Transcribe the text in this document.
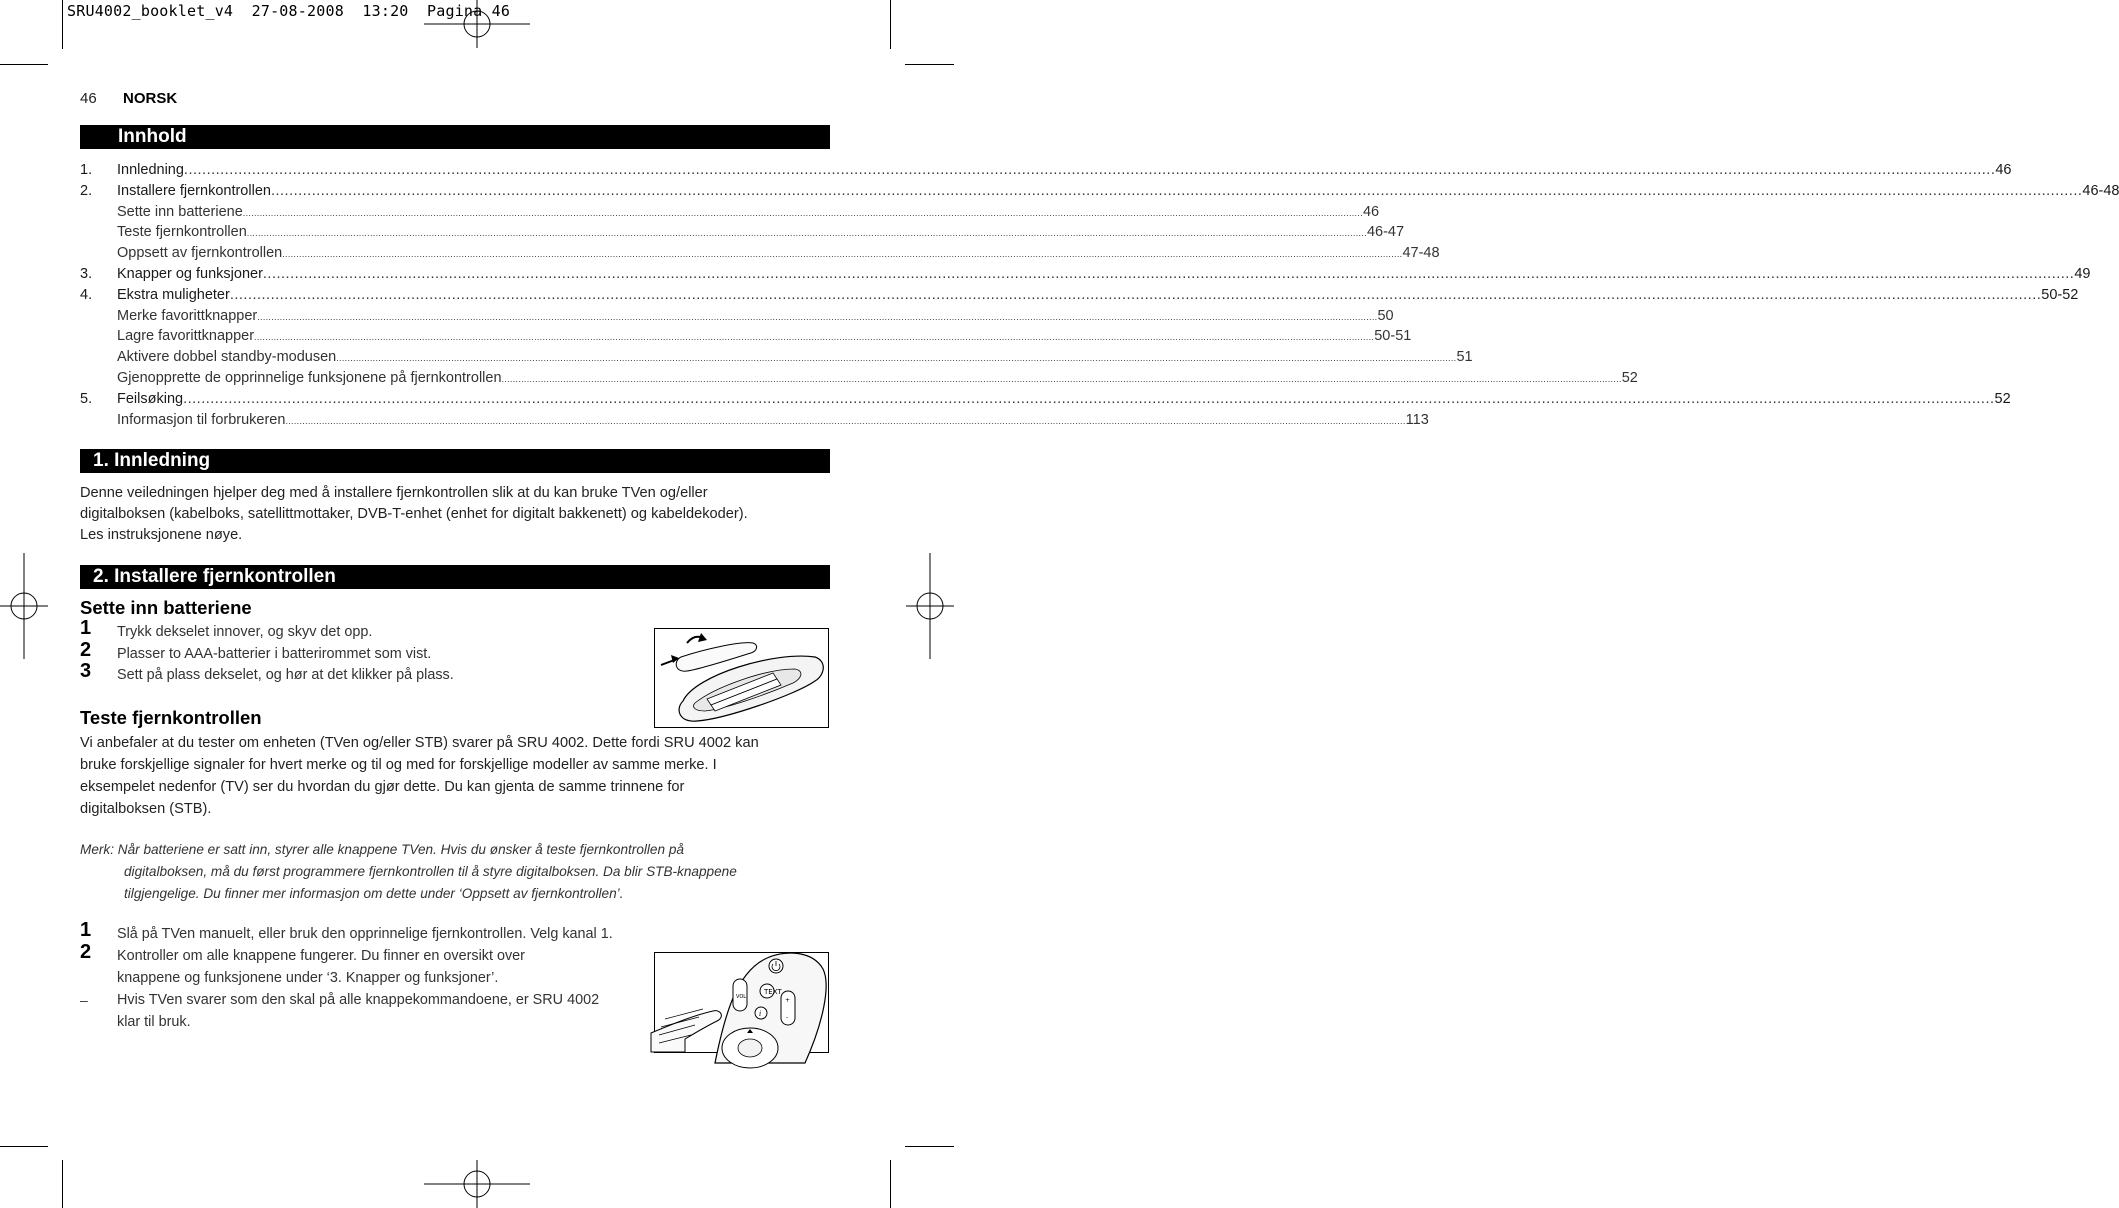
SRU4002_booklet_v4  27-08-2008  13:20  Pagina 46
46 NORSK
Innhold
1.	Innledning ................................................................................................................................................................................................................................................................................................................................................................................................................ 46
2.	Installere fjernkontrollen ................................................................................................................................................................................................................................................................................................................................................................................................................ 46-48
Sette inn batteriene ................................................................................................................................................................................................................................................................................................................................................................................................................ 46
Teste fjernkontrollen ................................................................................................................................................................................................................................................................................................................................................................................................................ 46-47
Oppsett av fjernkontrollen ................................................................................................................................................................................................................................................................................................................................................................................................................ 47-48
3.	Knapper og funksjoner ................................................................................................................................................................................................................................................................................................................................................................................................................ 49
4.	Ekstra muligheter ................................................................................................................................................................................................................................................................................................................................................................................................................ 50-52
Merke favorittknapper ................................................................................................................................................................................................................................................................................................................................................................................................................ 50
Lagre favorittknapper ................................................................................................................................................................................................................................................................................................................................................................................................................ 50-51
Aktivere dobbel standby-modusen ................................................................................................................................................................................................................................................................................................................................................................................................................ 51
Gjenopprette de opprinnelige funksjonene på fjernkontrollen ................................................................................................................................................................................................................................................................................................................................................................................................................ 52
5.	Feilsøking ................................................................................................................................................................................................................................................................................................................................................................................................................ 52
Informasjon til forbrukeren ................................................................................................................................................................................................................................................................................................................................................................................................................ 113
1. Innledning
Denne veiledningen hjelper deg med å installere fjernkontrollen slik at du kan bruke TVen og/eller
digitalboksen (kabelboks, satellittmottaker, DVB-T-enhet (enhet for digitalt bakkenett) og kabeldekoder).
Les instruksjonene nøye.
2. Installere fjernkontrollen
Sette inn batteriene
1 Trykk dekselet innover, og skyv det opp.
2 Plasser to AAA-batterier i batterirommet som vist.
3 Sett på plass dekselet, og hør at det klikker på plass.
Teste fjernkontrollen
Vi anbefaler at du tester om enheten (TVen og/eller STB) svarer på SRU 4002. Dette fordi SRU 4002 kan
bruke forskjellige signaler for hvert merke og til og med for forskjellige modeller av samme merke. I
eksempelet nedenfor (TV) ser du hvordan du gjør dette. Du kan gjenta de samme trinnene for
digitalboksen (STB).
Merk: Når batteriene er satt inn, styrer alle knappene TVen. Hvis du ønsker å teste fjernkontrollen på
digitalboksen, må du først programmere fjernkontrollen til å styre digitalboksen. Da blir STB-knappene
tilgjengelige. Du finner mer informasjon om dette under ‘Oppsett av fjernkontrollen’.
1 Slå på TVen manuelt, eller bruk den opprinnelige fjernkontrollen. Velg kanal 1.
2 Kontroller om alle knappene fungerer. Du finner en oversikt over
knappene og funksjonene under ‘3. Knapper og funksjoner’.
– Hvis TVen svarer som den skal på alle knappekommandoene, er SRU 4002
klar til bruk.
TEXT
VOL	+
-
i
